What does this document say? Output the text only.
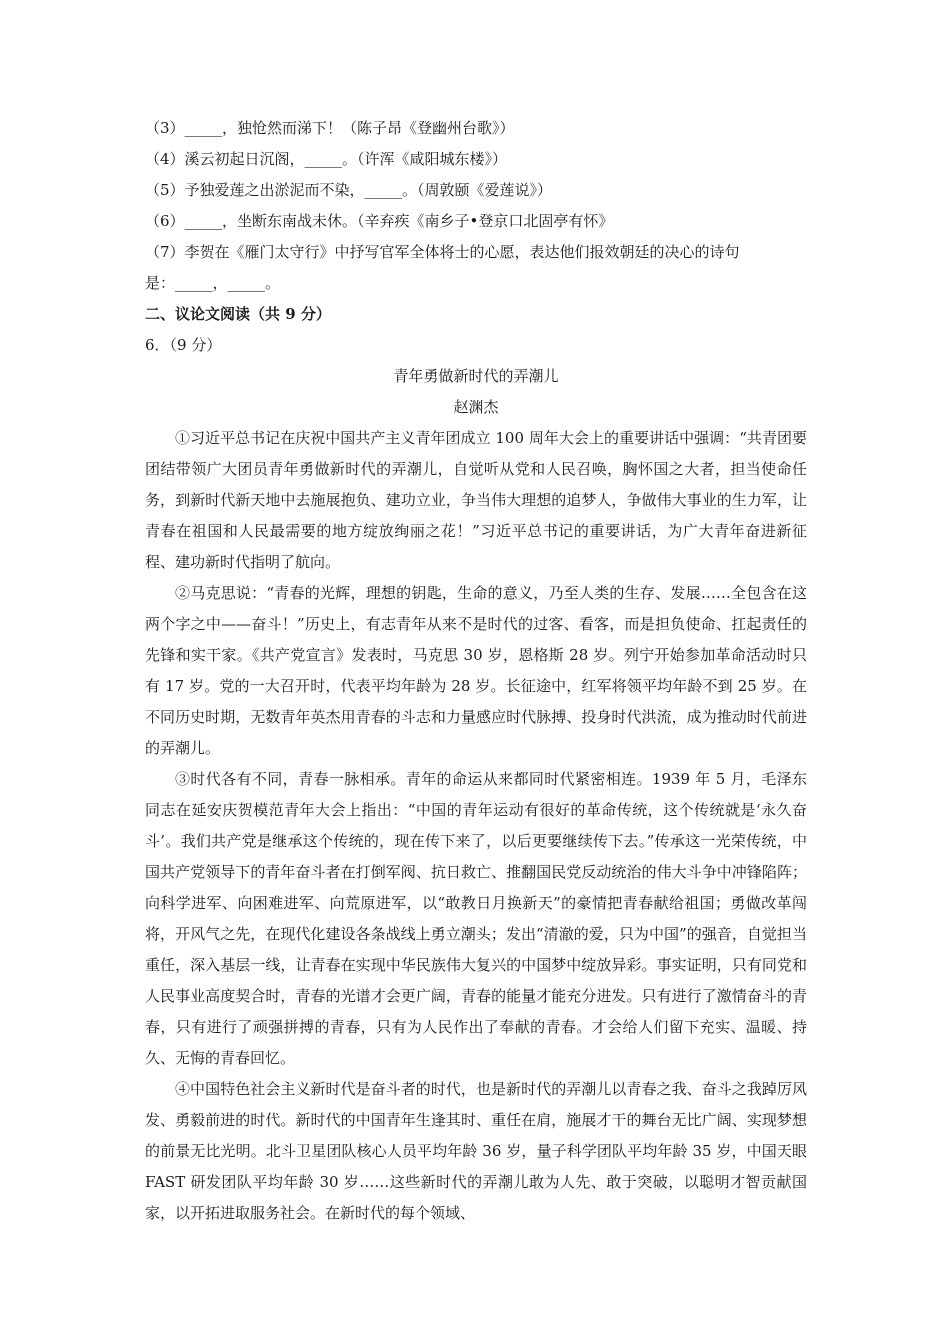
（3）_____，独怆然而涕下！（陈子昂《登幽州台歌》）
（4）溪云初起日沉阁，_____。（许浑《咸阳城东楼》）
（5）予独爱莲之出淤泥而不染，_____。（周敦颐《爱莲说》）
（6）_____，坐断东南战未休。（辛弃疾《南乡子•登京口北固亭有怀》
（7）李贺在《雁门太守行》中抒写官军全体将士的心愿，表达他们报效朝廷的决心的诗句
是：_____，_____。
二、议论文阅读（共 9 分）
6．（9 分）
青年勇做新时代的弄潮儿
赵渊杰

①习近平总书记在庆祝中国共产主义青年团成立 100 周年大会上的重要讲话中强调：“共青团要团结带领广大团员青年勇做新时代的弄潮儿，自觉听从党和人民召唤，胸怀国之大者，担当使命任务，到新时代新天地中去施展抱负、建功立业，争当伟大理想的追梦人，争做伟大事业的生力军，让青春在祖国和人民最需要的地方绽放绚丽之花！”习近平总书记的重要讲话，为广大青年奋进新征程、建功新时代指明了航向。

②马克思说：“青春的光辉，理想的钥匙，生命的意义，乃至人类的生存、发展……全包含在这两个字之中——奋斗！”历史上，有志青年从来不是时代的过客、看客，而是担负使命、扛起责任的先锋和实干家。《共产党宣言》发表时，马克思 30 岁，恩格斯 28 岁。列宁开始参加革命活动时只有 17 岁。党的一大召开时，代表平均年龄为 28 岁。长征途中，红军将领平均年龄不到 25 岁。在不同历史时期，无数青年英杰用青春的斗志和力量感应时代脉搏、投身时代洪流，成为推动时代前进的弄潮儿。

③时代各有不同，青春一脉相承。青年的命运从来都同时代紧密相连。1939 年 5 月，毛泽东同志在延安庆贺模范青年大会上指出：“中国的青年运动有很好的革命传统，这个传统就是‘永久奋斗’。我们共产党是继承这个传统的，现在传下来了，以后更要继续传下去。”传承这一光荣传统，中国共产党领导下的青年奋斗者在打倒军阀、抗日救亡、推翻国民党反动统治的伟大斗争中冲锋陷阵；向科学进军、向困难进军、向荒原进军，以“敢教日月换新天”的豪情把青春献给祖国；勇做改革闯将，开风气之先，在现代化建设各条战线上勇立潮头；发出“清澈的爱，只为中国”的强音，自觉担当重任，深入基层一线，让青春在实现中华民族伟大复兴的中国梦中绽放异彩。事实证明，只有同党和人民事业高度契合时，青春的光谱才会更广阔，青春的能量才能充分进发。只有进行了激情奋斗的青春，只有进行了顽强拼搏的青春，只有为人民作出了奉献的青春。才会给人们留下充实、温暖、持久、无悔的青春回忆。

④中国特色社会主义新时代是奋斗者的时代，也是新时代的弄潮儿以青春之我、奋斗之我踔厉风发、勇毅前进的时代。新时代的中国青年生逢其时、重任在肩，施展才干的舞台无比广阔、实现梦想的前景无比光明。北斗卫星团队核心人员平均年龄 36 岁，量子科学团队平均年龄 35 岁，中国天眼 FAST 研发团队平均年龄 30 岁……这些新时代的弄潮儿敢为人先、敢于突破，以聪明才智贡献国家，以开拓进取服务社会。在新时代的每个领域、
